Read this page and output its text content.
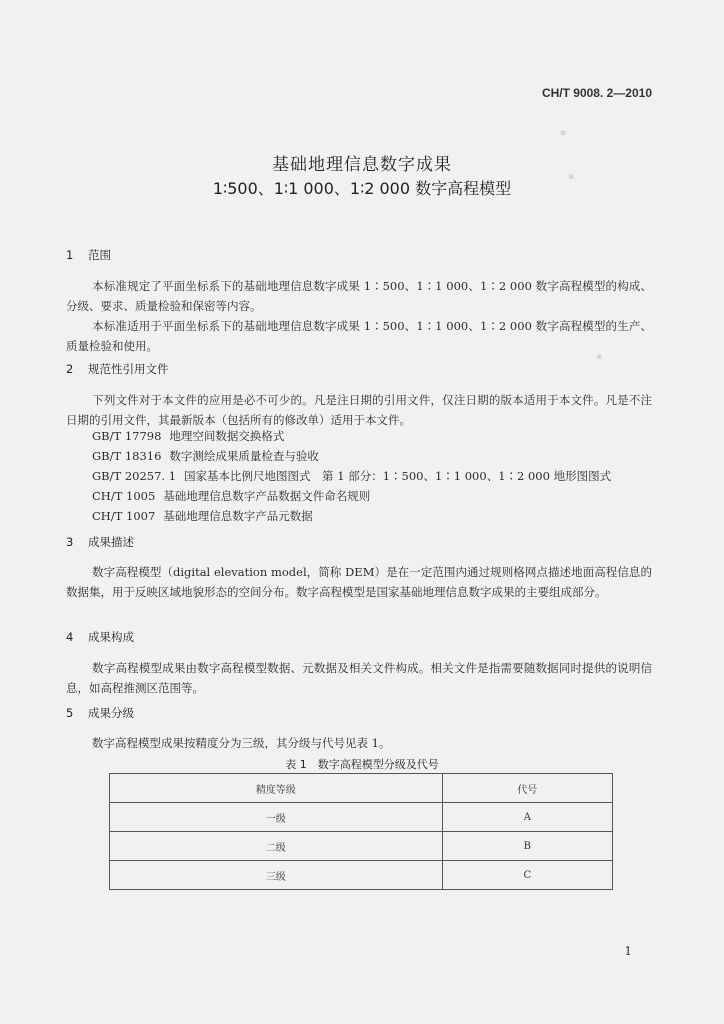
▪
▪
▪
CH/T 9008. 2—2010
基础地理信息数字成果
1∶500、1∶1 000、1∶2 000 数字高程模型
1 范围
本标准规定了平面坐标系下的基础地理信息数字成果 1∶500、1∶1 000、1∶2 000 数字高程模型的构成、分级、要求、质量检验和保密等内容。
本标准适用于平面坐标系下的基础地理信息数字成果 1∶500、1∶1 000、1∶2 000 数字高程模型的生产、质量检验和使用。
2 规范性引用文件
下列文件对于本文件的应用是必不可少的。凡是注日期的引用文件，仅注日期的版本适用于本文件。凡是不注日期的引用文件，其最新版本（包括所有的修改单）适用于本文件。
GB/T 17798 地理空间数据交换格式
GB/T 18316 数字测绘成果质量检查与验收
GB/T 20257. 1 国家基本比例尺地图图式　第 1 部分：1∶500、1∶1 000、1∶2 000 地形图图式
CH/T 1005 基础地理信息数字产品数据文件命名规则
CH/T 1007 基础地理信息数字产品元数据
3 成果描述
数字高程模型（digital elevation model，简称 DEM）是在一定范围内通过规则格网点描述地面高程信息的数据集，用于反映区域地貌形态的空间分布。数字高程模型是国家基础地理信息数字成果的主要组成部分。
4 成果构成
数字高程模型成果由数字高程模型数据、元数据及相关文件构成。相关文件是指需要随数据同时提供的说明信息，如高程推测区范围等。
5 成果分级
数字高程模型成果按精度分为三级，其分级与代号见表 1。
表 1　数字高程模型分级及代号
精度等级	代号
一级	A
二级	B
三级	C
1
